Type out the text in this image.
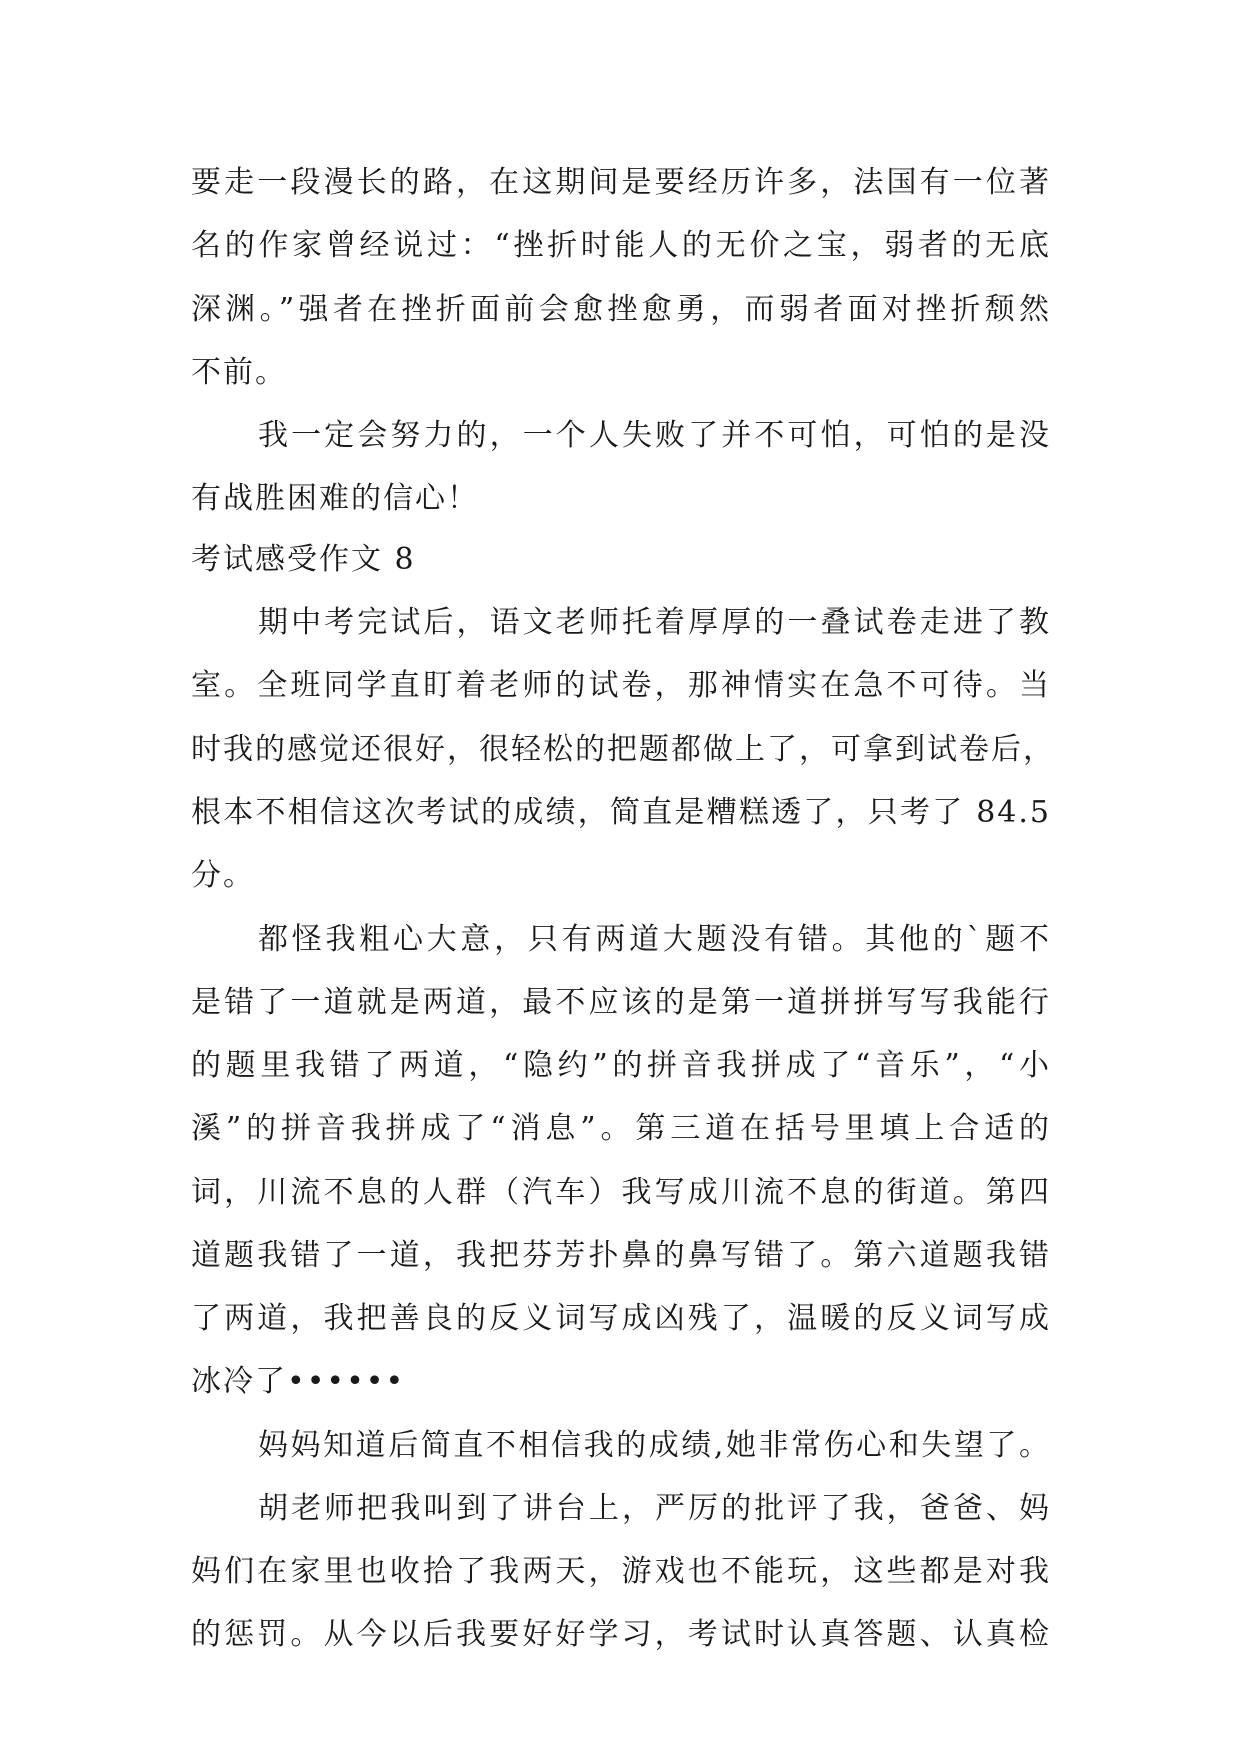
要走一段漫长的路，在这期间是要经历许多，法国有一位著
名的作家曾经说过：“挫折时能人的无价之宝，弱者的无底
深渊。”强者在挫折面前会愈挫愈勇，而弱者面对挫折颓然
不前。
我一定会努力的，一个人失败了并不可怕，可怕的是没
有战胜困难的信心！
考试感受作文 8
期中考完试后，语文老师托着厚厚的一叠试卷走进了教
室。全班同学直盯着老师的试卷，那神情实在急不可待。当
时我的感觉还很好，很轻松的把题都做上了，可拿到试卷后，
根本不相信这次考试的成绩，简直是糟糕透了，只考了 84.5
分。
都怪我粗心大意，只有两道大题没有错。其他的`题不
是错了一道就是两道，最不应该的是第一道拼拼写写我能行
的题里我错了两道，“隐约”的拼音我拼成了“音乐”，“小
溪”的拼音我拼成了“消息”。第三道在括号里填上合适的
词，川流不息的人群（汽车）我写成川流不息的街道。第四
道题我错了一道，我把芬芳扑鼻的鼻写错了。第六道题我错
了两道，我把善良的反义词写成凶残了，温暖的反义词写成
冰冷了••••••
妈妈知道后简直不相信我的成绩,她非常伤心和失望了。
胡老师把我叫到了讲台上，严厉的批评了我，爸爸、妈
妈们在家里也收拾了我两天，游戏也不能玩，这些都是对我
的惩罚。从今以后我要好好学习，考试时认真答题、认真检
